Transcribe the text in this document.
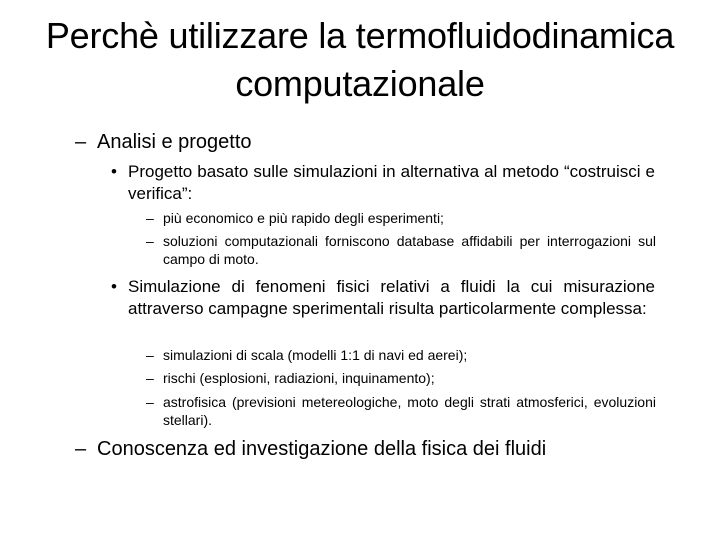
Perchè utilizzare la termofluidodinamica
computazionale
– Analisi e progetto
• Progetto basato sulle simulazioni in alternativa al metodo “costruisci e verifica”:
– più economico e più rapido degli esperimenti;
– soluzioni computazionali forniscono database affidabili per interrogazioni sul campo di moto.
• Simulazione di fenomeni fisici relativi a fluidi la cui misurazione attraverso campagne sperimentali risulta particolarmente complessa:
– simulazioni di scala (modelli 1:1 di navi ed aerei);
– rischi (esplosioni, radiazioni, inquinamento);
– astrofisica (previsioni metereologiche, moto degli strati atmosferici, evoluzioni stellari).
– Conoscenza ed investigazione della fisica dei fluidi
